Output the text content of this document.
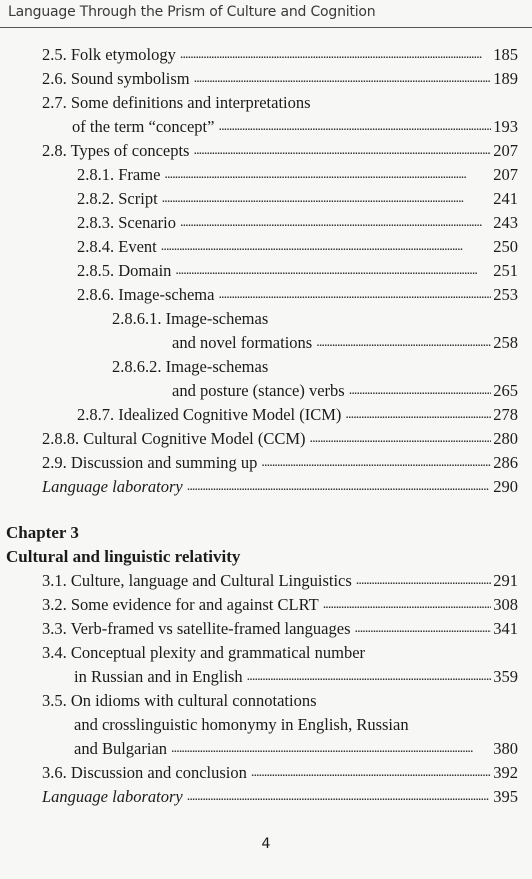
Language Through the Prism of Culture and Cognition
2.5. Folk etymology . . .	185
2.6. Sound symbolism . . .	189
2.7. Some definitions and interpretations
of the term “concept” . . .	193
2.8. Types of concepts . . .	207
2.8.1. Frame . . .	207
2.8.2. Script . . .	241
2.8.3. Scenario . . .	243
2.8.4. Event . . .	250
2.8.5. Domain . . .	251
2.8.6. Image-schema . . .	253
2.8.6.1. Image-schemas
and novel formations . . .	258
2.8.6.2. Image-schemas
and posture (stance) verbs . . .	265
2.8.7. Idealized Cognitive Model (ICM) . . .	278
2.8.8. Cultural Cognitive Model (CCM) . . .	280
2.9. Discussion and summing up . . .	286
Language laboratory . . .	290
Chapter 3
Cultural and linguistic relativity
3.1. Culture, language and Cultural Linguistics . . .	291
3.2. Some evidence for and against CLRT . . .	308
3.3. Verb-framed vs satellite-framed languages . . .	341
3.4. Conceptual plexity and grammatical number
in Russian and in English . . .	359
3.5. On idioms with cultural connotations
and crosslinguistic homonymy in English, Russian
and Bulgarian . . .	380
3.6. Discussion and conclusion . . .	392
Language laboratory . . .	395
4
